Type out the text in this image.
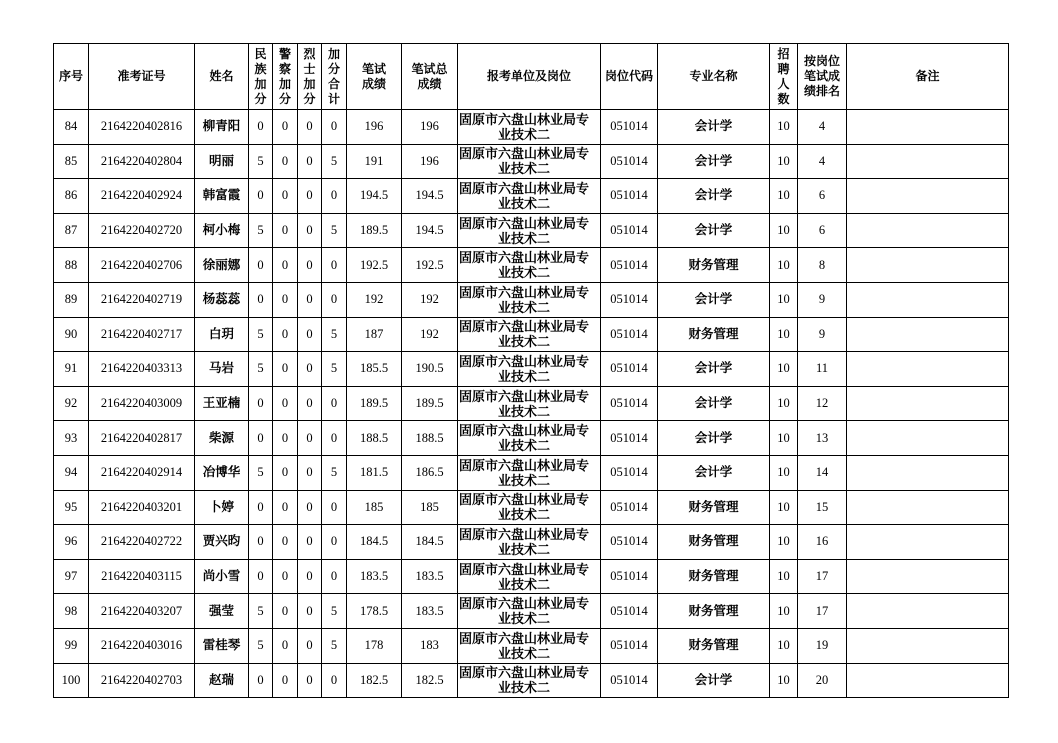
序号	准考证号	姓名	民族加分	警察加分	烈士加分	加分合计	笔试成绩	笔试总成绩	报考单位及岗位	岗位代码	专业名称	招聘人数	按岗位笔试成绩排名	备注
84	2164220402816	柳青阳	0	0	0	0	196	196	固原市六盘山林业局专业技术二	051014	会计学	10	4	
85	2164220402804	明丽	5	0	0	5	191	196	固原市六盘山林业局专业技术二	051014	会计学	10	4	
86	2164220402924	韩富霞	0	0	0	0	194.5	194.5	固原市六盘山林业局专业技术二	051014	会计学	10	6	
87	2164220402720	柯小梅	5	0	0	5	189.5	194.5	固原市六盘山林业局专业技术二	051014	会计学	10	6	
88	2164220402706	徐丽娜	0	0	0	0	192.5	192.5	固原市六盘山林业局专业技术二	051014	财务管理	10	8	
89	2164220402719	杨蕊蕊	0	0	0	0	192	192	固原市六盘山林业局专业技术二	051014	会计学	10	9	
90	2164220402717	白玥	5	0	0	5	187	192	固原市六盘山林业局专业技术二	051014	财务管理	10	9	
91	2164220403313	马岩	5	0	0	5	185.5	190.5	固原市六盘山林业局专业技术二	051014	会计学	10	11	
92	2164220403009	王亚楠	0	0	0	0	189.5	189.5	固原市六盘山林业局专业技术二	051014	会计学	10	12	
93	2164220402817	柴源	0	0	0	0	188.5	188.5	固原市六盘山林业局专业技术二	051014	会计学	10	13	
94	2164220402914	冶博华	5	0	0	5	181.5	186.5	固原市六盘山林业局专业技术二	051014	会计学	10	14	
95	2164220403201	卜婷	0	0	0	0	185	185	固原市六盘山林业局专业技术二	051014	财务管理	10	15	
96	2164220402722	贾兴昀	0	0	0	0	184.5	184.5	固原市六盘山林业局专业技术二	051014	财务管理	10	16	
97	2164220403115	尚小雪	0	0	0	0	183.5	183.5	固原市六盘山林业局专业技术二	051014	财务管理	10	17	
98	2164220403207	强莹	5	0	0	5	178.5	183.5	固原市六盘山林业局专业技术二	051014	财务管理	10	17	
99	2164220403016	雷桂琴	5	0	0	5	178	183	固原市六盘山林业局专业技术二	051014	财务管理	10	19	
100	2164220402703	赵瑞	0	0	0	0	182.5	182.5	固原市六盘山林业局专业技术二	051014	会计学	10	20	
